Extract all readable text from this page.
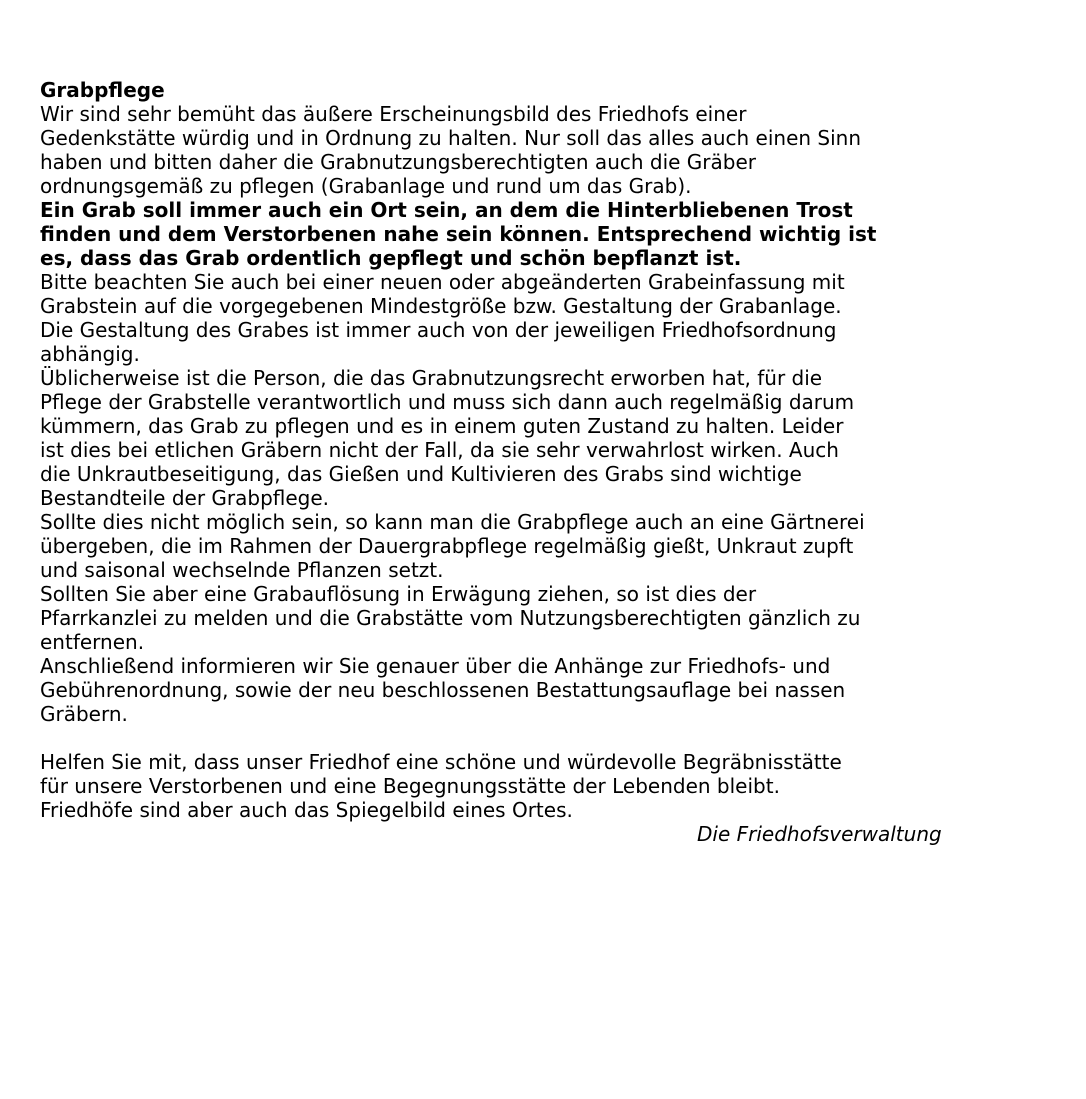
Grabpflege

Wir sind sehr bemüht das äußere Erscheinungsbild des Friedhofs einer
Gedenkstätte würdig und in Ordnung zu halten. Nur soll das alles auch einen Sinn
haben und bitten daher die Grabnutzungsberechtigten auch die Gräber
ordnungsgemäß zu pflegen (Grabanlage und rund um das Grab).

Ein Grab soll immer auch ein Ort sein, an dem die Hinterbliebenen Trost
finden und dem Verstorbenen nahe sein können. Entsprechend wichtig ist
es, dass das Grab ordentlich gepflegt und schön bepflanzt ist.

Bitte beachten Sie auch bei einer neuen oder abgeänderten Grabeinfassung mit
Grabstein auf die vorgegebenen Mindestgröße bzw. Gestaltung der Grabanlage.
Die Gestaltung des Grabes ist immer auch von der jeweiligen Friedhofsordnung
abhängig.

Üblicherweise ist die Person, die das Grabnutzungsrecht erworben hat, für die
Pflege der Grabstelle verantwortlich und muss sich dann auch regelmäßig darum
kümmern, das Grab zu pflegen und es in einem guten Zustand zu halten. Leider
ist dies bei etlichen Gräbern nicht der Fall, da sie sehr verwahrlost wirken. Auch
die Unkrautbeseitigung, das Gießen und Kultivieren des Grabs sind wichtige
Bestandteile der Grabpflege.

Sollte dies nicht möglich sein, so kann man die Grabpflege auch an eine Gärtnerei
übergeben, die im Rahmen der Dauergrabpflege regelmäßig gießt, Unkraut zupft
und saisonal wechselnde Pflanzen setzt.

Sollten Sie aber eine Grabauflösung in Erwägung ziehen, so ist dies der
Pfarrkanzlei zu melden und die Grabstätte vom Nutzungsberechtigten gänzlich zu
entfernen.

Anschließend informieren wir Sie genauer über die Anhänge zur Friedhofs- und
Gebührenordnung, sowie der neu beschlossenen Bestattungsauflage bei nassen
Gräbern.

Helfen Sie mit, dass unser Friedhof eine schöne und würdevolle Begräbnisstätte
für unsere Verstorbenen und eine Begegnungsstätte der Lebenden bleibt.
Friedhöfe sind aber auch das Spiegelbild eines Ortes.

Die Friedhofsverwaltung
